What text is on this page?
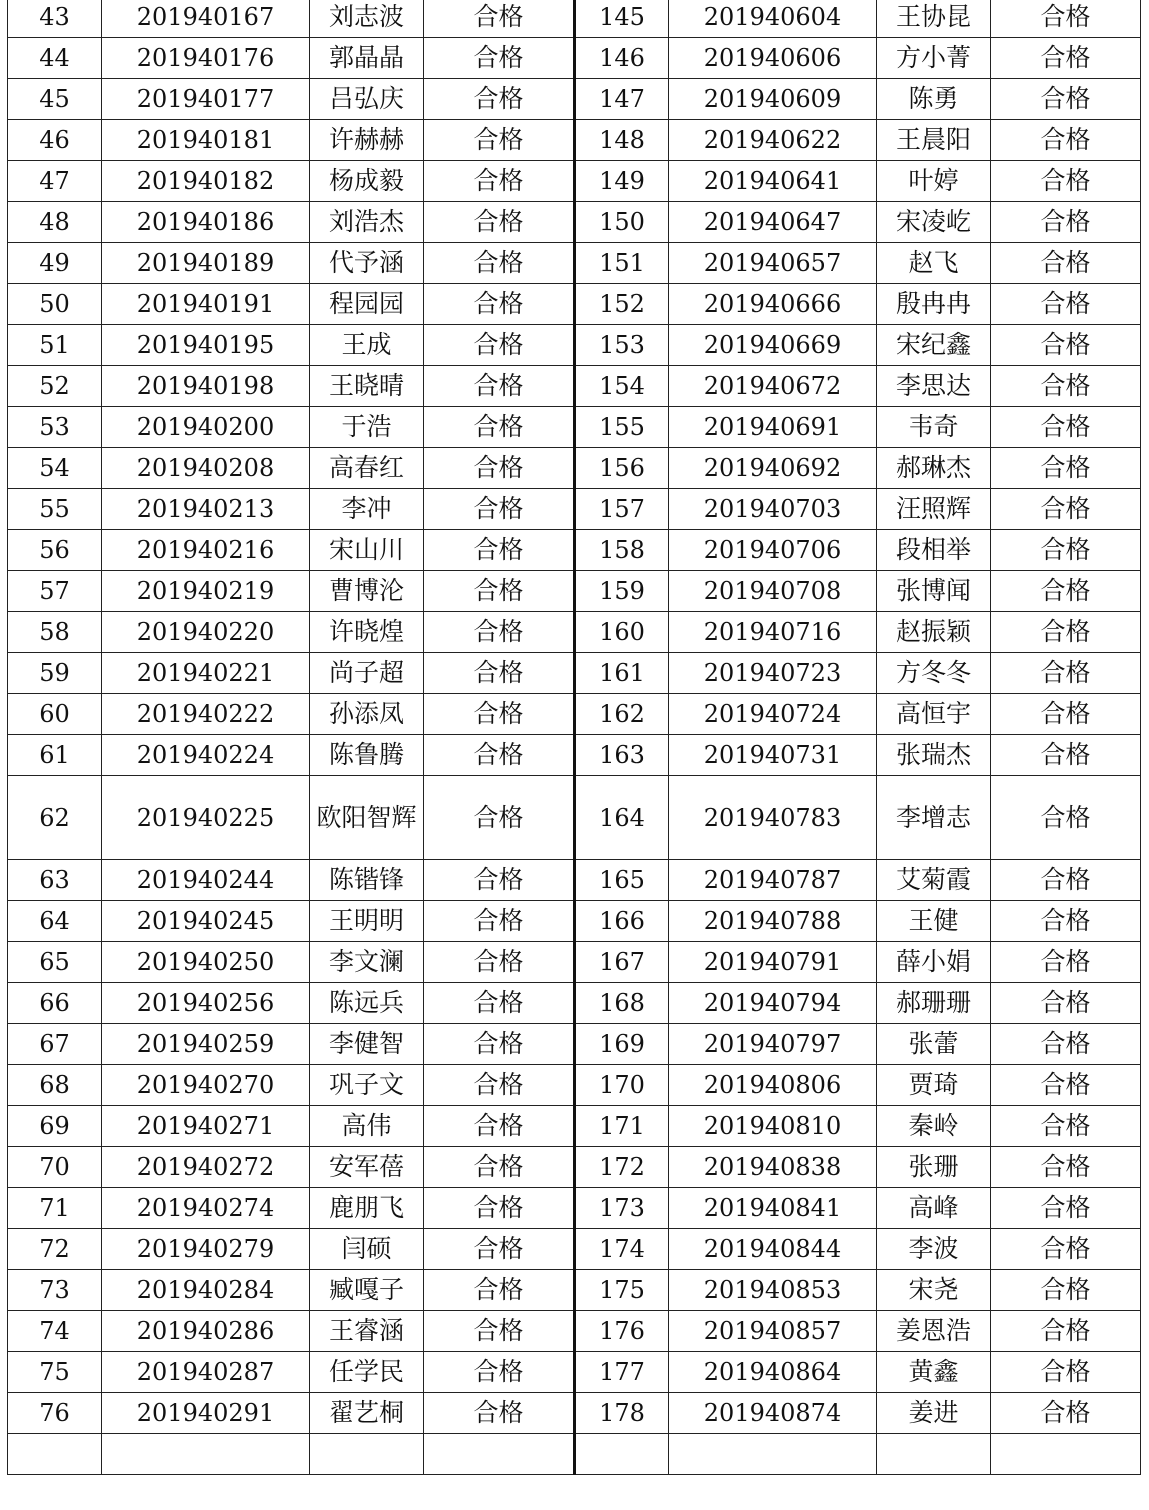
43	201940167	刘志波	合格	145	201940604	王协昆	合格
44	201940176	郭晶晶	合格	146	201940606	方小菁	合格
45	201940177	吕弘庆	合格	147	201940609	陈勇	合格
46	201940181	许赫赫	合格	148	201940622	王晨阳	合格
47	201940182	杨成毅	合格	149	201940641	叶婷	合格
48	201940186	刘浩杰	合格	150	201940647	宋凌屹	合格
49	201940189	代予涵	合格	151	201940657	赵飞	合格
50	201940191	程园园	合格	152	201940666	殷冉冉	合格
51	201940195	王成	合格	153	201940669	宋纪鑫	合格
52	201940198	王晓晴	合格	154	201940672	李思达	合格
53	201940200	于浩	合格	155	201940691	韦奇	合格
54	201940208	高春红	合格	156	201940692	郝琳杰	合格
55	201940213	李冲	合格	157	201940703	汪照辉	合格
56	201940216	宋山川	合格	158	201940706	段相举	合格
57	201940219	曹博沦	合格	159	201940708	张博闻	合格
58	201940220	许晓煌	合格	160	201940716	赵振颖	合格
59	201940221	尚子超	合格	161	201940723	方冬冬	合格
60	201940222	孙添凤	合格	162	201940724	高恒宇	合格
61	201940224	陈鲁腾	合格	163	201940731	张瑞杰	合格
62	201940225	欧阳智辉	合格	164	201940783	李增志	合格
63	201940244	陈锴锋	合格	165	201940787	艾菊霞	合格
64	201940245	王明明	合格	166	201940788	王健	合格
65	201940250	李文澜	合格	167	201940791	薛小娟	合格
66	201940256	陈远兵	合格	168	201940794	郝珊珊	合格
67	201940259	李健智	合格	169	201940797	张蕾	合格
68	201940270	巩子文	合格	170	201940806	贾琦	合格
69	201940271	高伟	合格	171	201940810	秦岭	合格
70	201940272	安军蓓	合格	172	201940838	张珊	合格
71	201940274	鹿朋飞	合格	173	201940841	高峰	合格
72	201940279	闫硕	合格	174	201940844	李波	合格
73	201940284	臧嘎子	合格	175	201940853	宋尧	合格
74	201940286	王睿涵	合格	176	201940857	姜恩浩	合格
75	201940287	任学民	合格	177	201940864	黄鑫	合格
76	201940291	翟艺桐	合格	178	201940874	姜进	合格
